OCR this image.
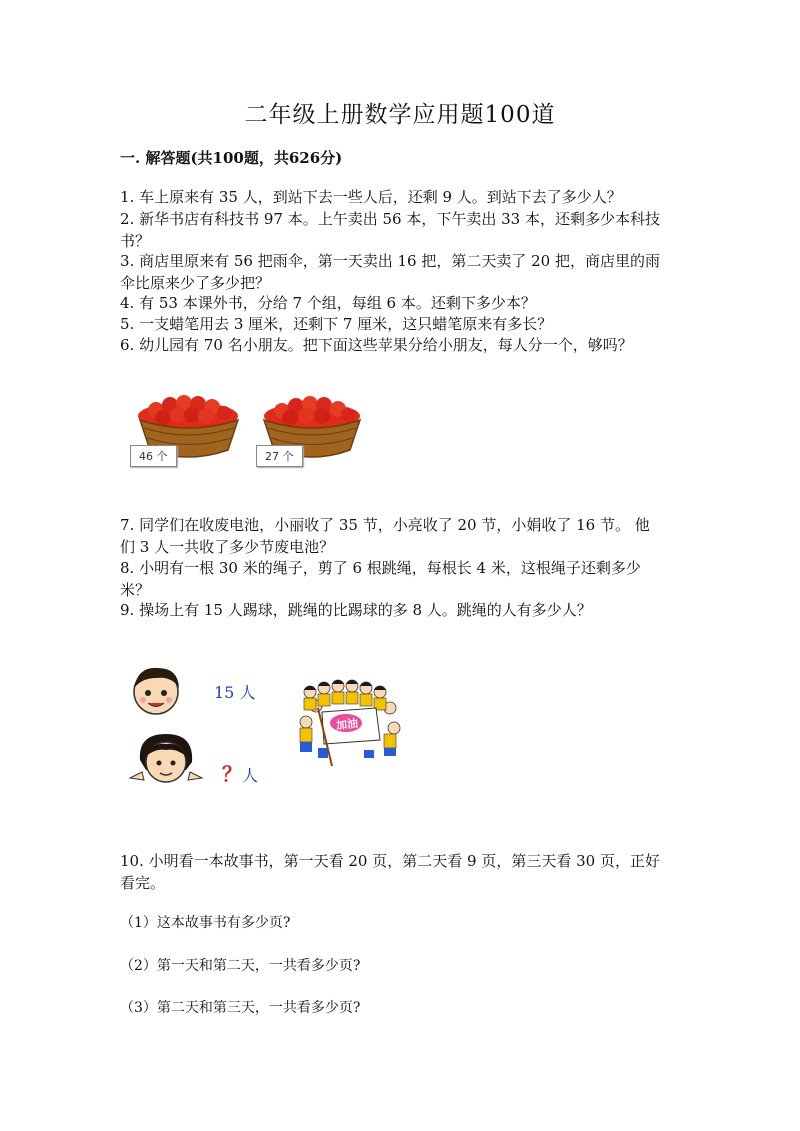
二年级上册数学应用题100道
一. 解答题(共100题，共626分)
1. 车上原来有 35 人，到站下去一些人后，还剩 9 人。到站下去了多少人？
2. 新华书店有科技书 97 本。上午卖出 56 本，下午卖出 33 本，还剩多少本科技
书？
3. 商店里原来有 56 把雨伞，第一天卖出 16 把，第二天卖了 20 把，商店里的雨
伞比原来少了多少把？
4. 有 53 本课外书，分给 7 个组，每组 6 本。还剩下多少本？
5. 一支蜡笔用去 3 厘米，还剩下 7 厘米，这只蜡笔原来有多长？
6. 幼儿园有 70 名小朋友。把下面这些苹果分给小朋友，每人分一个，够吗？
46 个	27 个
7. 同学们在收废电池，小丽收了 35 节，小亮收了 20 节，小娟收了 16 节。 他
们 3 人一共收了多少节废电池？
8. 小明有一根 30 米的绳子，剪了 6 根跳绳，每根长 4 米，这根绳子还剩多少
米？
9. 操场上有 15 人踢球，跳绳的比踢球的多 8 人。跳绳的人有多少人？
15 人
？人
加油
10. 小明看一本故事书，第一天看 20 页，第二天看 9 页，第三天看 30 页，正好
看完。
（1）这本故事书有多少页?
（2）第一天和第二天，一共看多少页?
（3）第二天和第三天，一共看多少页?
